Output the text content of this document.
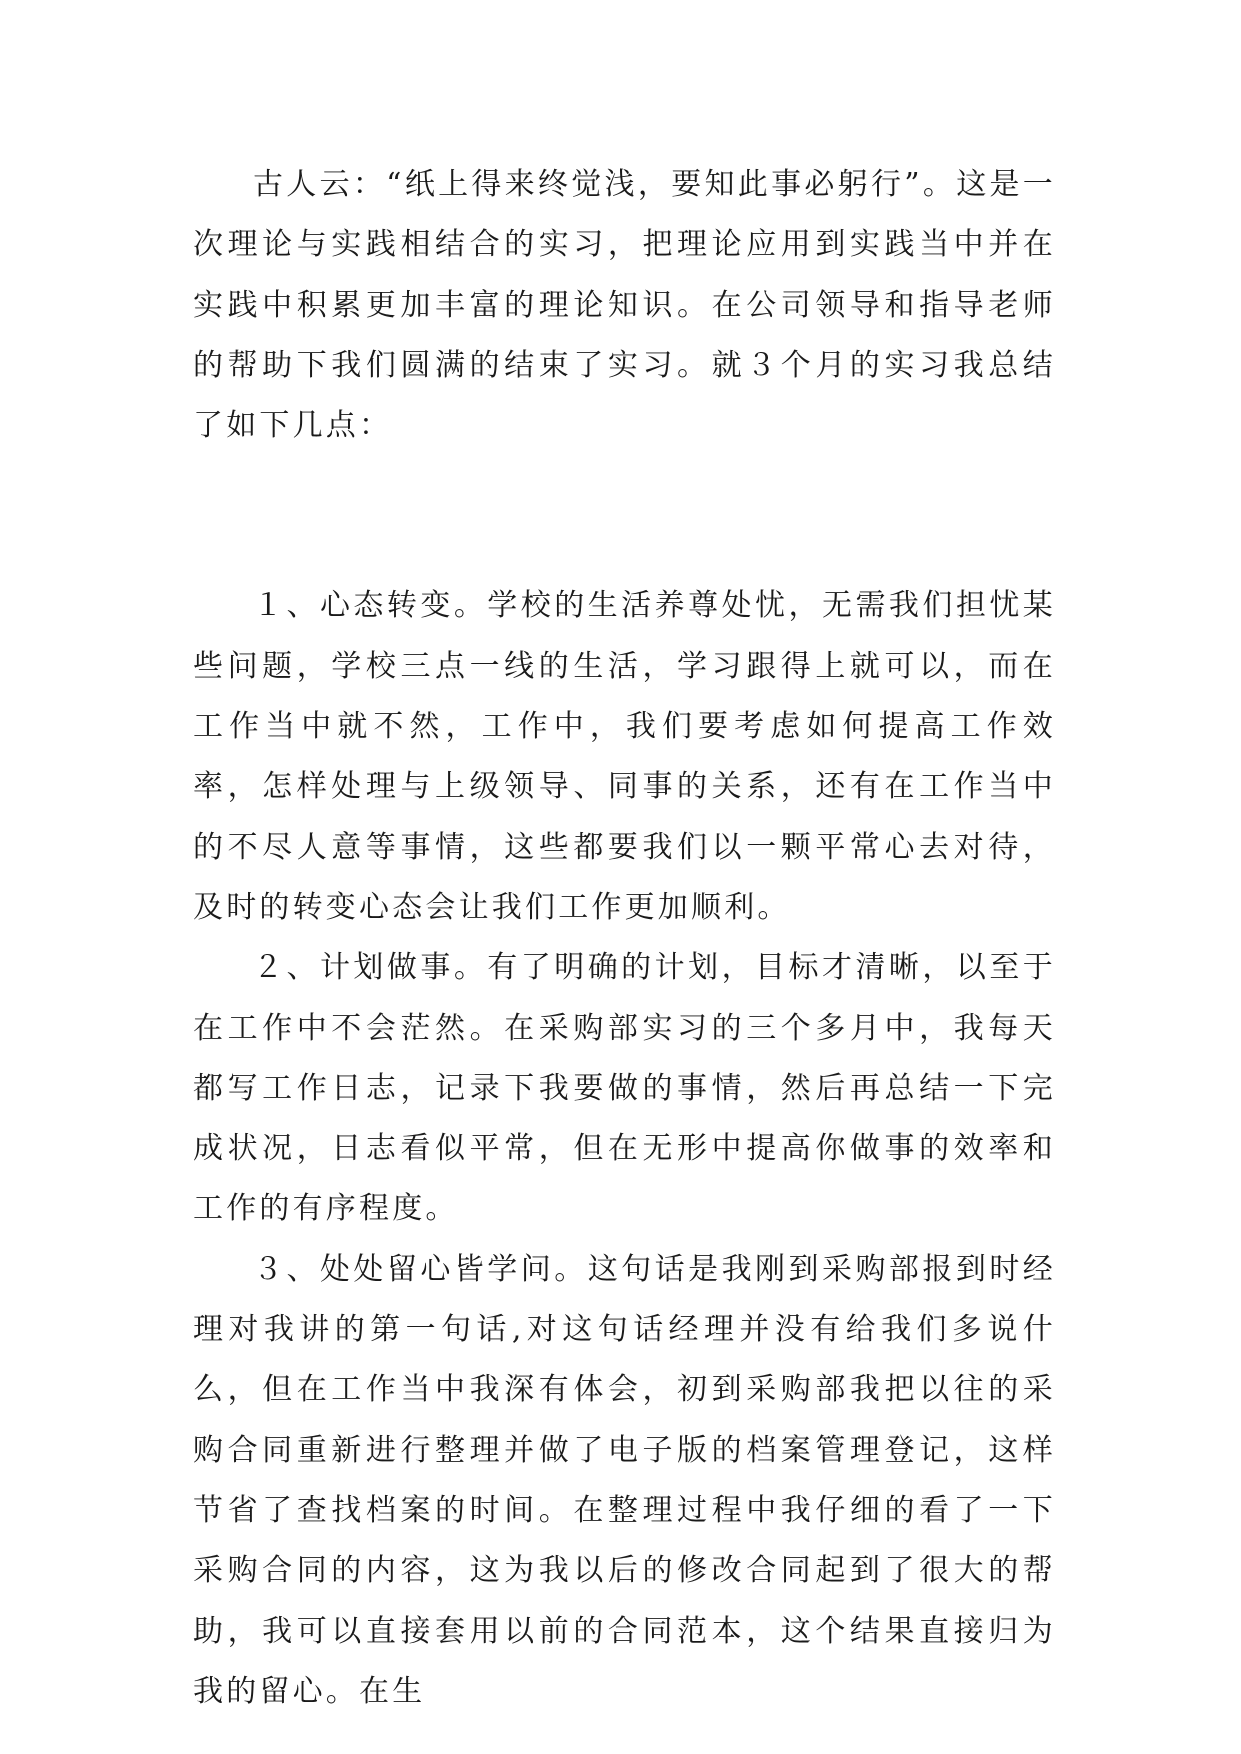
古人云：“纸上得来终觉浅，要知此事必躬行”。这是一次理论与实践相结合的实习，把理论应用到实践当中并在实践中积累更加丰富的理论知识。在公司领导和指导老师的帮助下我们圆满的结束了实习。就３个月的实习我总结了如下几点：

１、心态转变。学校的生活养尊处忧，无需我们担忧某些问题，学校三点一线的生活，学习跟得上就可以，而在工作当中就不然，工作中，我们要考虑如何提高工作效率，怎样处理与上级领导、同事的关系，还有在工作当中的不尽人意等事情，这些都要我们以一颗平常心去对待，及时的转变心态会让我们工作更加顺利。

２、计划做事。有了明确的计划，目标才清晰，以至于在工作中不会茫然。在采购部实习的三个多月中，我每天都写工作日志，记录下我要做的事情，然后再总结一下完成状况，日志看似平常，但在无形中提高你做事的效率和工作的有序程度。

３、处处留心皆学问。这句话是我刚到采购部报到时经理对我讲的第一句话,对这句话经理并没有给我们多说什么，但在工作当中我深有体会，初到采购部我把以往的采购合同重新进行整理并做了电子版的档案管理登记，这样节省了查找档案的时间。在整理过程中我仔细的看了一下采购合同的内容，这为我以后的修改合同起到了很大的帮助，我可以直接套用以前的合同范本，这个结果直接归为我的留心。在生
